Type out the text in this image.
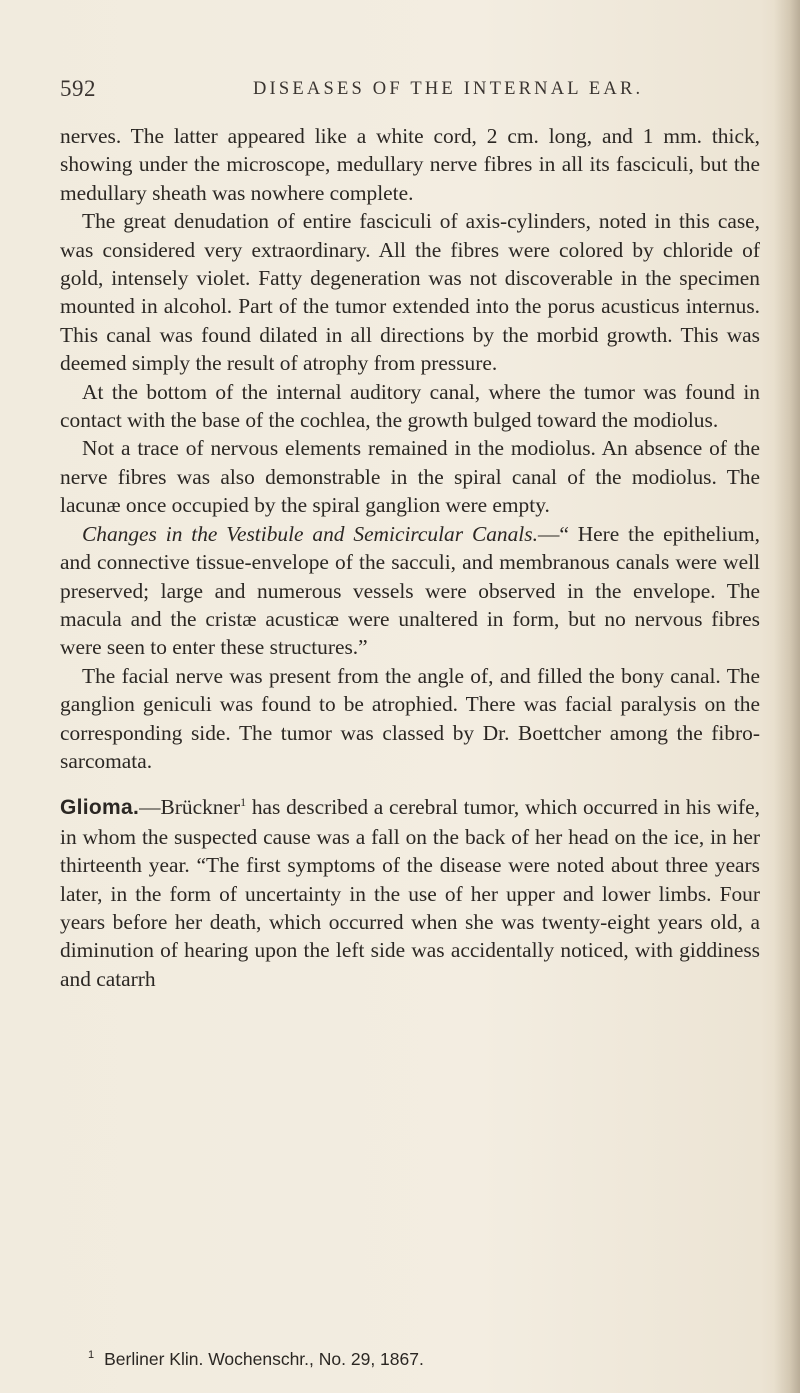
592	DISEASES OF THE INTERNAL EAR.

nerves. The latter appeared like a white cord, 2 cm. long, and 1 mm. thick, showing under the microscope, medullary nerve fibres in all its fasciculi, but the medullary sheath was nowhere complete.

The great denudation of entire fasciculi of axis-cylinders, noted in this case, was considered very extraordinary. All the fibres were colored by chloride of gold, intensely violet. Fatty degeneration was not discoverable in the specimen mounted in alcohol. Part of the tumor extended into the porus acusticus internus. This canal was found dilated in all directions by the morbid growth. This was deemed simply the result of atrophy from pressure.

At the bottom of the internal auditory canal, where the tumor was found in contact with the base of the cochlea, the growth bulged toward the modiolus.

Not a trace of nervous elements remained in the modiolus. An absence of the nerve fibres was also demonstrable in the spiral canal of the modiolus. The lacunæ once occupied by the spiral ganglion were empty.

Changes in the Vestibule and Semicircular Canals.—“ Here the epithelium, and connective tissue-envelope of the sacculi, and membranous canals were well preserved; large and numerous vessels were observed in the envelope. The macula and the cristæ acusticæ were unaltered in form, but no nervous fibres were seen to enter these structures.”

The facial nerve was present from the angle of, and filled the bony canal. The ganglion geniculi was found to be atrophied. There was facial paralysis on the corresponding side. The tumor was classed by Dr. Boettcher among the fibro-sarcomata.

Glioma.—Brückner$^1$ has described a cerebral tumor, which occurred in his wife, in whom the suspected cause was a fall on the back of her head on the ice, in her thirteenth year. “The first symptoms of the disease were noted about three years later, in the form of uncertainty in the use of her upper and lower limbs. Four years before her death, which occurred when she was twenty-eight years old, a diminution of hearing upon the left side was accidentally noticed, with giddiness and catarrh

$^1$ Berliner Klin. Wochenschr., No. 29, 1867.
